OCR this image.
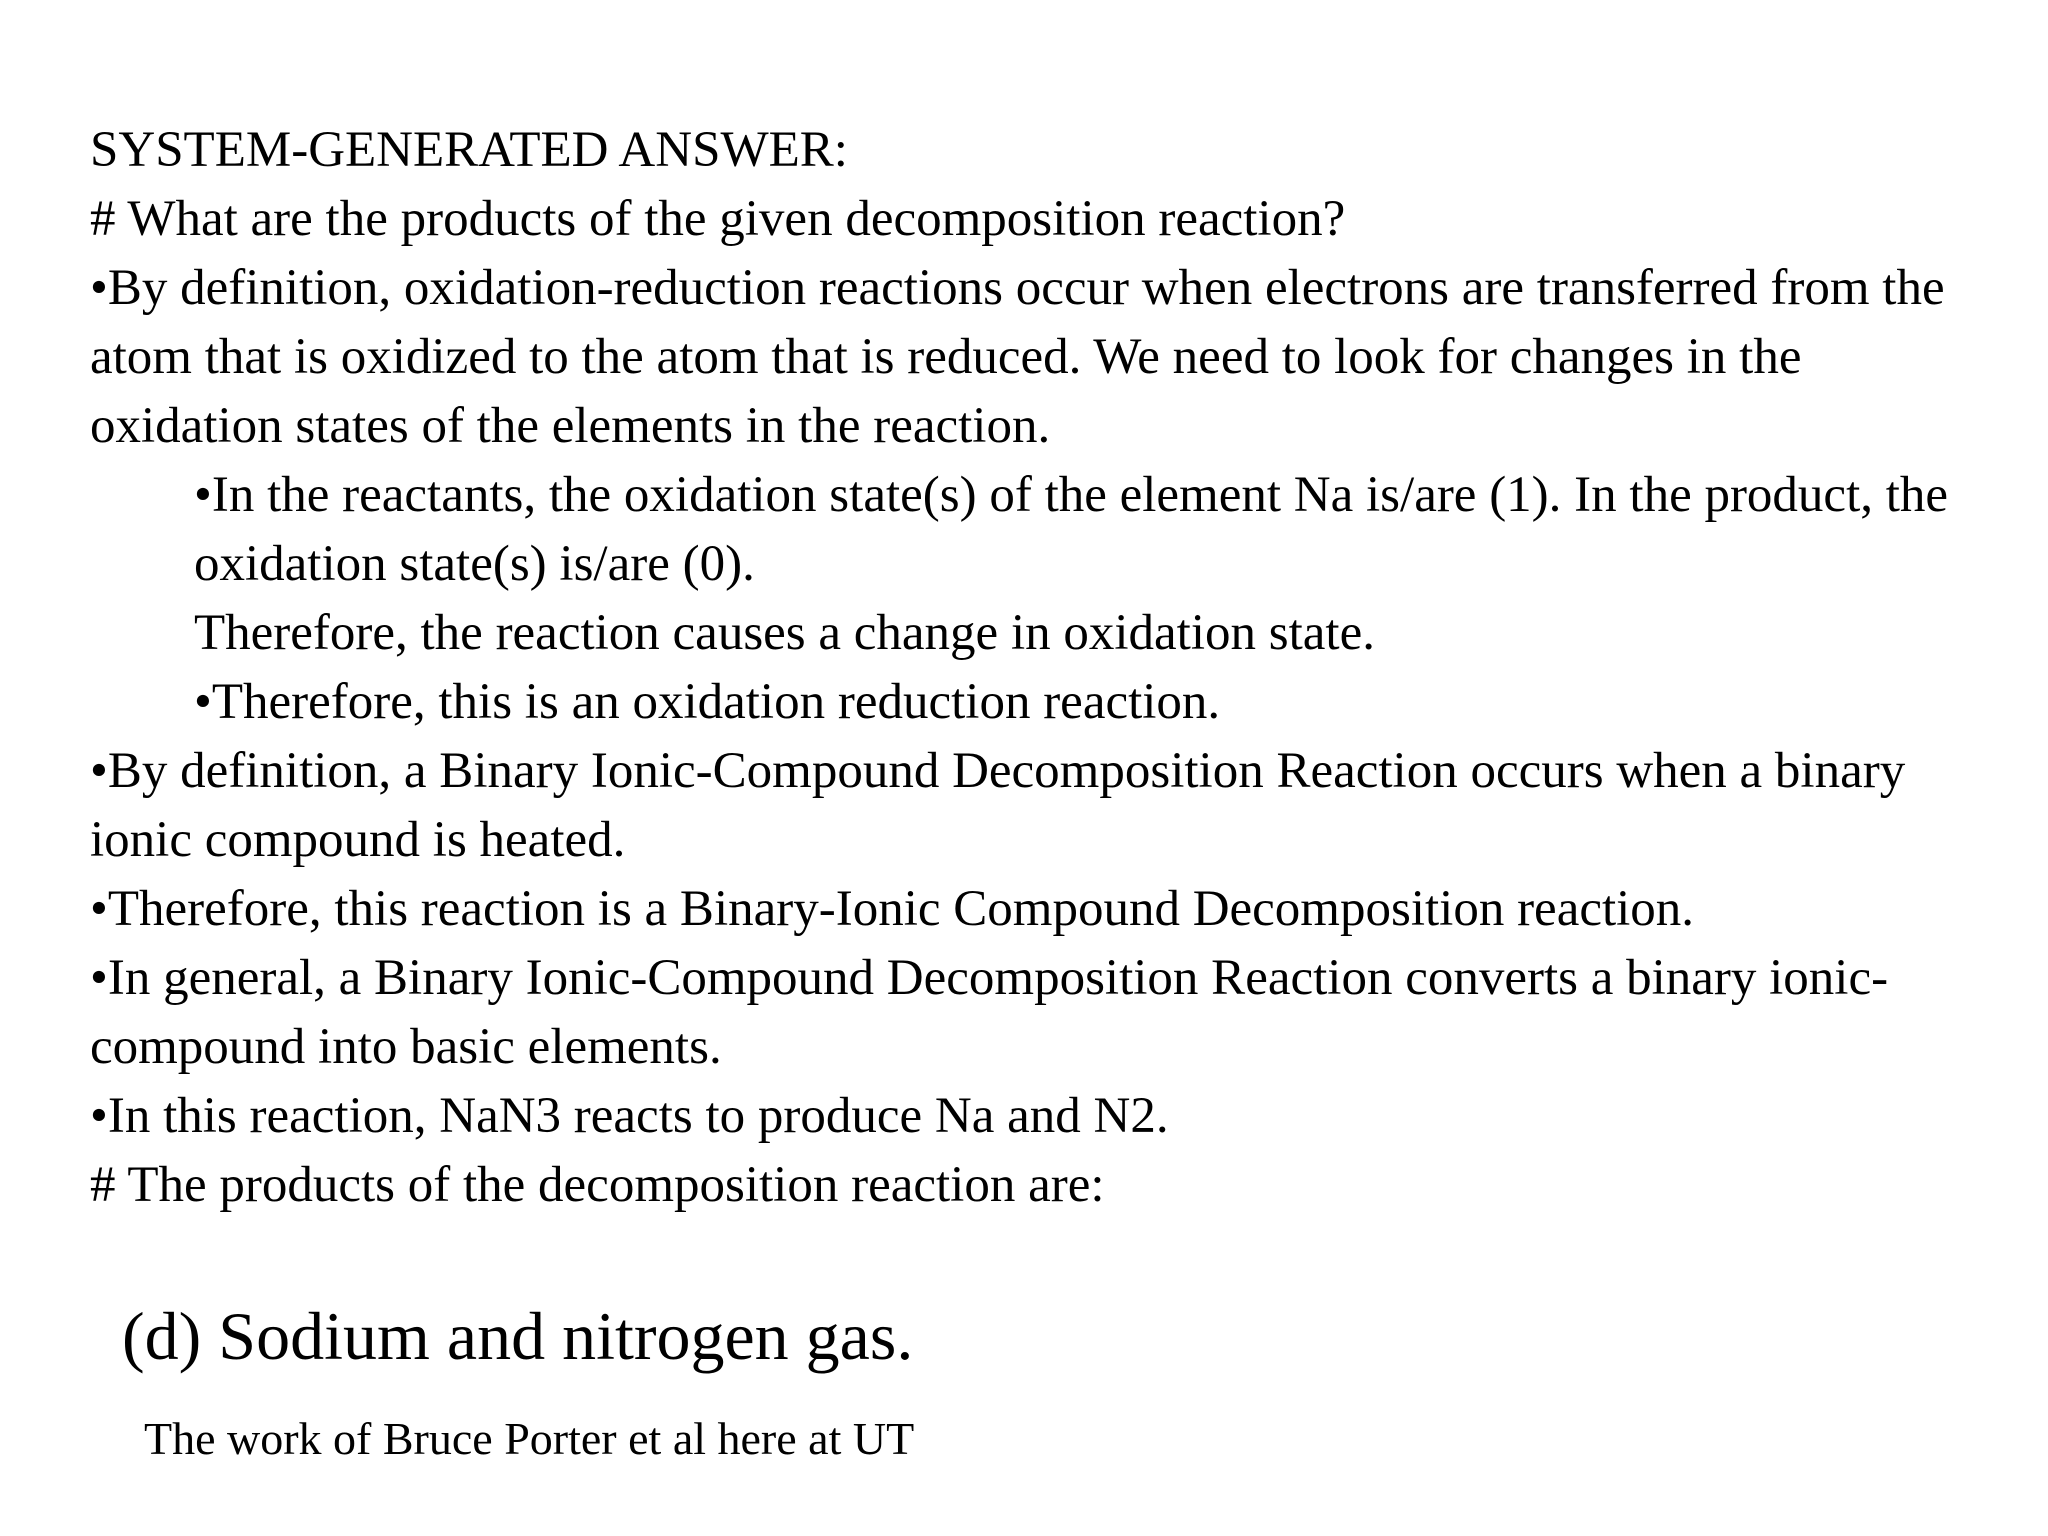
SYSTEM-GENERATED ANSWER:
# What are the products of the given decomposition reaction?
•By definition, oxidation-reduction reactions occur when electrons are transferred from the atom that is oxidized to the atom that is reduced. We need to look for changes in the oxidation states of the elements in the reaction.
•In the reactants, the oxidation state(s) of the element Na is/are (1). In the product, the oxidation state(s) is/are (0).
Therefore, the reaction causes a change in oxidation state.
•Therefore, this is an oxidation reduction reaction.
•By definition, a Binary Ionic-Compound Decomposition Reaction occurs when a binary ionic compound is heated.
•Therefore, this reaction is a Binary-Ionic Compound Decomposition reaction.
•In general, a Binary Ionic-Compound Decomposition Reaction converts a binary ionic-compound into basic elements.
•In this reaction, NaN3 reacts to produce Na and N2.
# The products of the decomposition reaction are:
(d) Sodium and nitrogen gas.
The work of Bruce Porter et al here at UT
